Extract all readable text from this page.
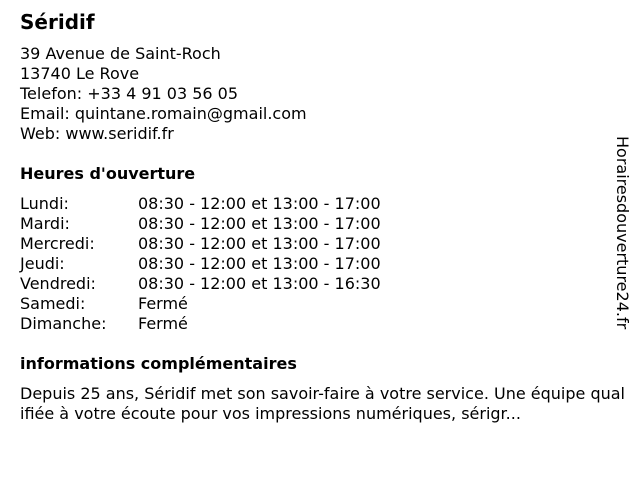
Séridif
39 Avenue de Saint-Roch
13740 Le Rove
Telefon: +33 4 91 03 56 05
Email: quintane.romain@gmail.com
Web: www.seridif.fr
Heures d'ouverture
Lundi:	08:30 - 12:00 et 13:00 - 17:00
Mardi:	08:30 - 12:00 et 13:00 - 17:00
Mercredi:	08:30 - 12:00 et 13:00 - 17:00
Jeudi:	08:30 - 12:00 et 13:00 - 17:00
Vendredi:	08:30 - 12:00 et 13:00 - 16:30
Samedi:	Fermé
Dimanche:	Fermé
informations complémentaires

Depuis 25 ans, Séridif met son savoir-faire à votre service. Une équipe qualifiée à votre écoute pour vos impressions numériques, sérigr...

Horairesdouverture24.fr
